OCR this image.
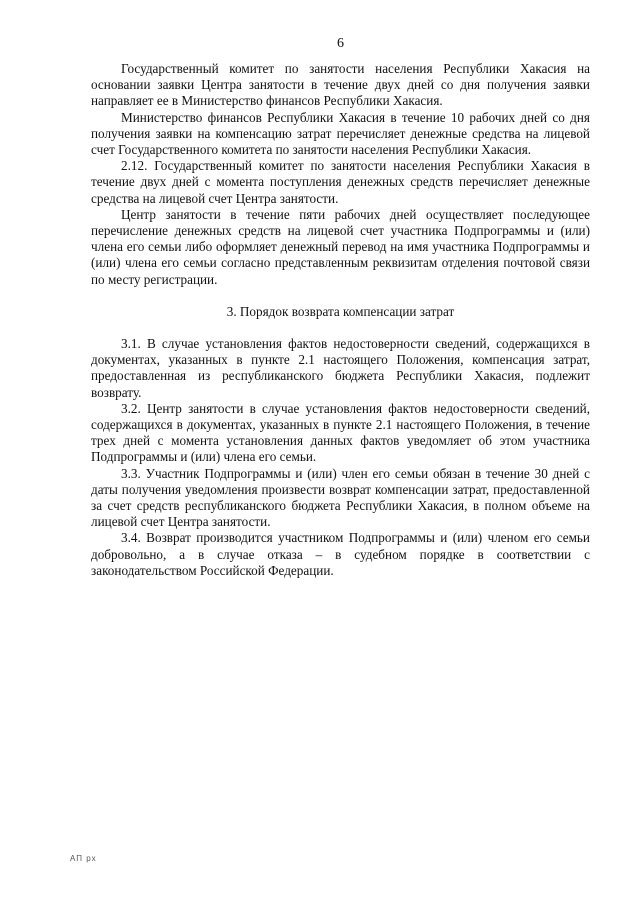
6

Государственный комитет по занятости населения Республики Хакасия на основании заявки Центра занятости в течение двух дней со дня получения заявки направляет ее в Министерство финансов Республики Хакасия.

Министерство финансов Республики Хакасия в течение 10 рабочих дней со дня получения заявки на компенсацию затрат перечисляет денежные средства на лицевой счет Государственного комитета по занятости населения Республики Хакасия.

2.12. Государственный комитет по занятости населения Республики Хакасия в течение двух дней с момента поступления денежных средств перечисляет денежные средства на лицевой счет Центра занятости.

Центр занятости в течение пяти рабочих дней осуществляет последующее перечисление денежных средств на лицевой счет участника Подпрограммы и (или) члена его семьи либо оформляет денежный перевод на имя участника Подпрограммы и (или) члена его семьи согласно представленным реквизитам отделения почтовой связи по месту регистрации.

3. Порядок возврата компенсации затрат

3.1. В случае установления фактов недостоверности сведений, содержащихся в документах, указанных в пункте 2.1 настоящего Положения, компенсация затрат, предоставленная из республиканского бюджета Республики Хакасия, подлежит возврату.

3.2. Центр занятости в случае установления фактов недостоверности сведений, содержащихся в документах, указанных в пункте 2.1 настоящего Положения, в течение трех дней с момента установления данных фактов уведомляет об этом участника Подпрограммы и (или) члена его семьи.

3.3. Участник Подпрограммы и (или) член его семьи обязан в течение 30 дней с даты получения уведомления произвести возврат компенсации затрат, предоставленной за счет средств республиканского бюджета Республики Хакасия, в полном объеме на лицевой счет Центра занятости.

3.4. Возврат производится участником Подпрограммы и (или) членом его семьи добровольно, а в случае отказа – в судебном порядке в соответствии с законодательством Российской Федерации.

АП рх
